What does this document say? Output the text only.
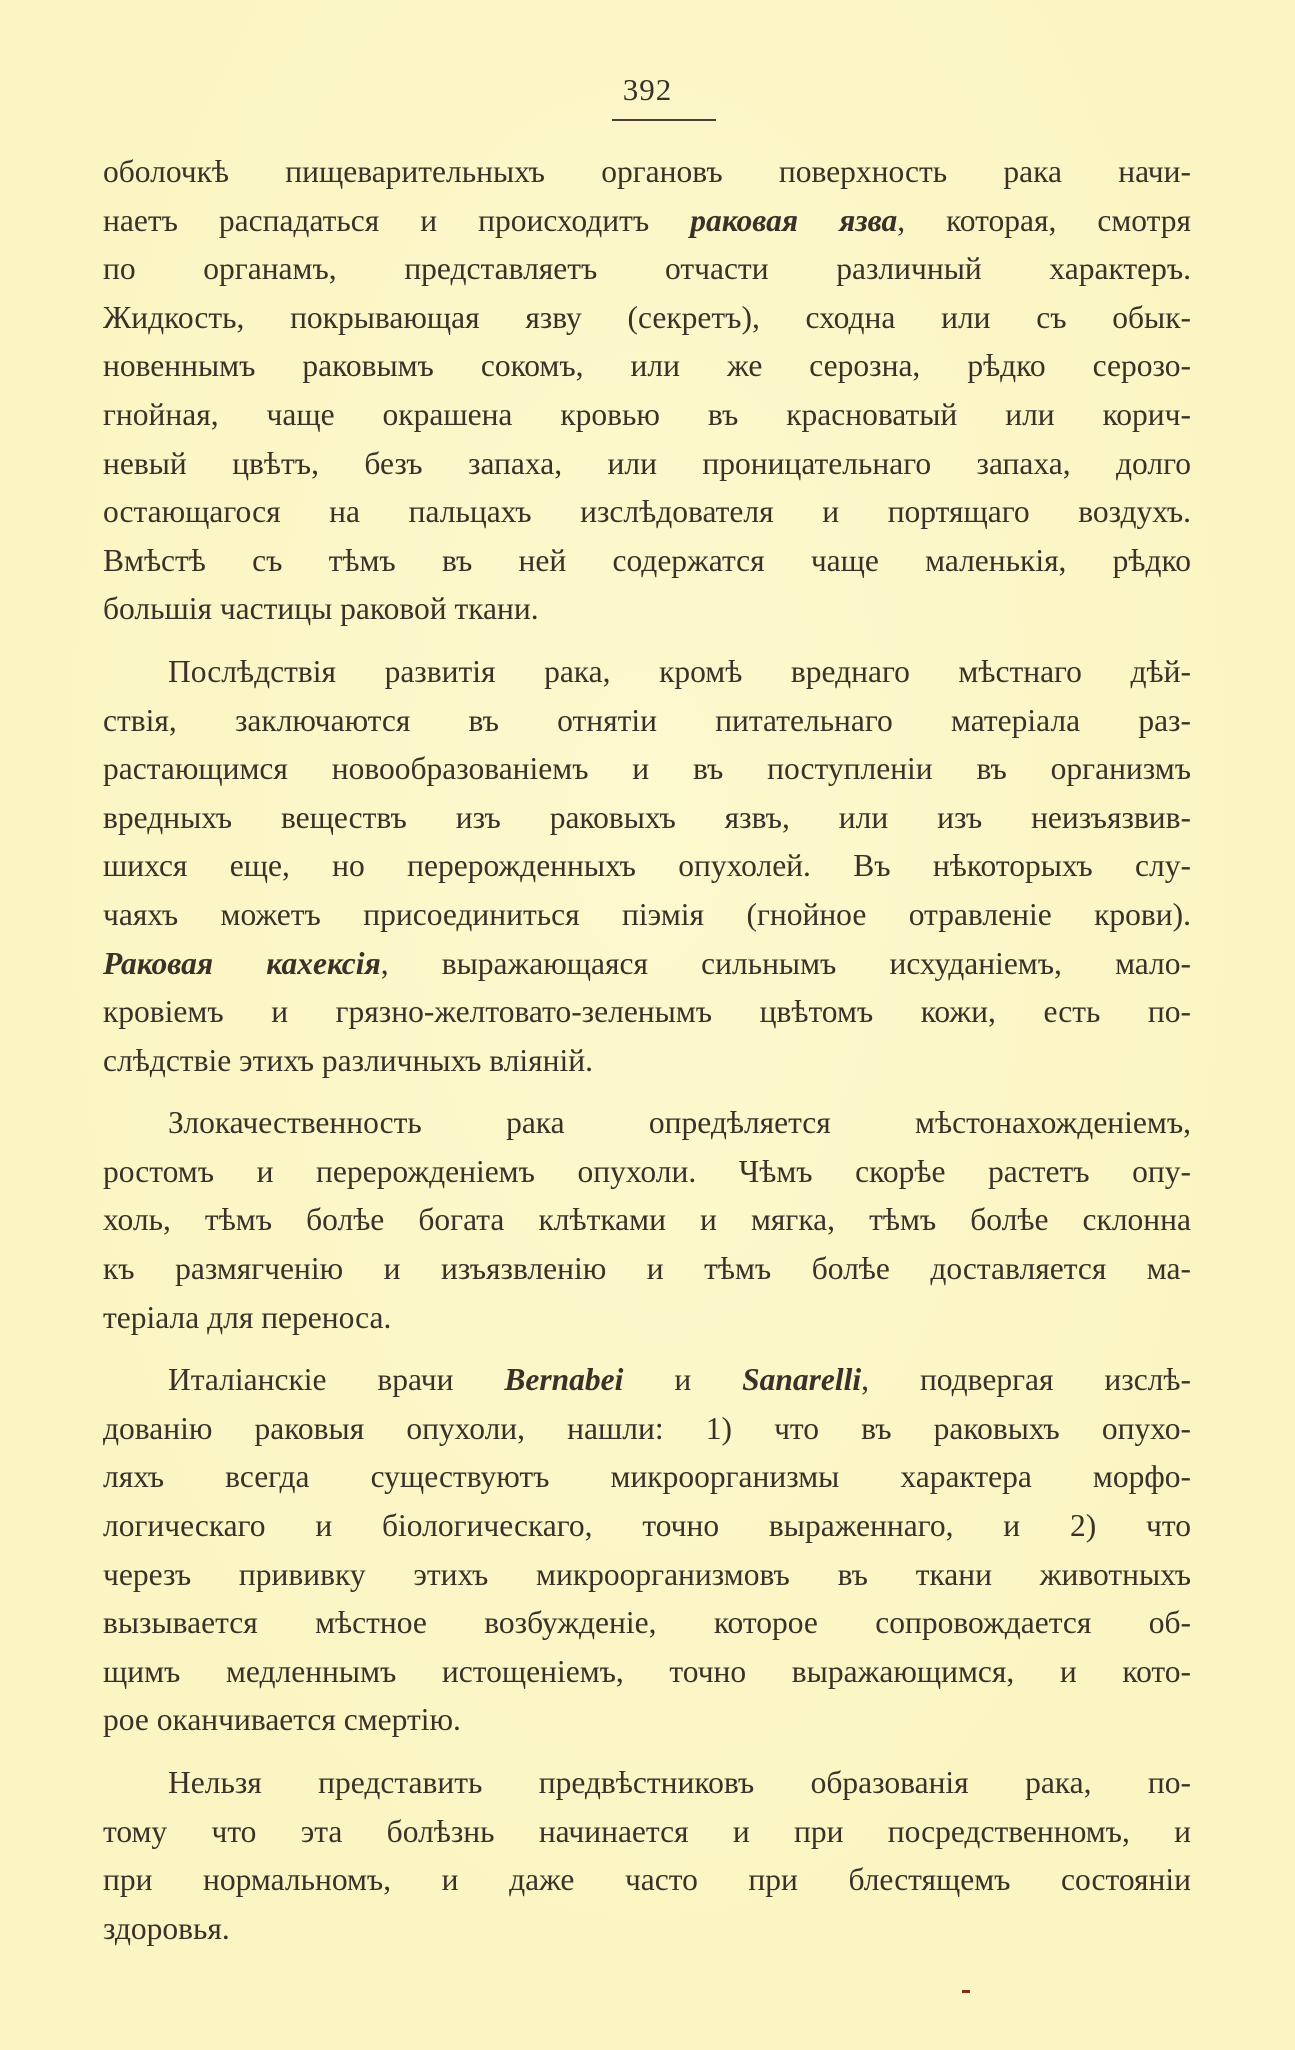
392
оболочкѣ пищеварительныхъ органовъ поверхность рака начи-
наетъ распадаться и происходитъ раковая язва, которая, смотря
по органамъ, представляетъ отчасти различный характеръ.
Жидкость, покрывающая язву (секретъ), сходна или съ обык-
новеннымъ раковымъ сокомъ, или же серозна, рѣдко серозо-
гнойная, чаще окрашена кровью въ красноватый или корич-
невый цвѣтъ, безъ запаха, или проницательнаго запаха, долго
остающагося на пальцахъ изслѣдователя и портящаго воздухъ.
Вмѣстѣ съ тѣмъ въ ней содержатся чаще маленькія, рѣдко
большія частицы раковой ткани.
Послѣдствія развитія рака, кромѣ вреднаго мѣстнаго дѣй-
ствія, заключаются въ отнятіи питательнаго матеріала раз-
растающимся новообразованіемъ и въ поступленіи въ организмъ
вредныхъ веществъ изъ раковыхъ язвъ, или изъ неизъязвив-
шихся еще, но перерожденныхъ опухолей. Въ нѣкоторыхъ слу-
чаяхъ можетъ присоединиться піэмія (гнойное отравленіе крови).
Раковая кахексія, выражающаяся сильнымъ исхуданіемъ, мало-
кровіемъ и грязно-желтовато-зеленымъ цвѣтомъ кожи, есть по-
слѣдствіе этихъ различныхъ вліяній.
Злокачественность рака опредѣляется мѣстонахожденіемъ,
ростомъ и перерожденіемъ опухоли. Чѣмъ скорѣе растетъ опу-
холь, тѣмъ болѣе богата клѣтками и мягка, тѣмъ болѣе склонна
къ размягченію и изъязвленію и тѣмъ болѣе доставляется ма-
теріала для переноса.
Италіанскіе врачи Bernabei и Sanarelli, подвергая изслѣ-
дованію раковыя опухоли, нашли: 1) что въ раковыхъ опухо-
ляхъ всегда существуютъ микроорганизмы характера морфо-
логическаго и біологическаго, точно выраженнаго, и 2) что
черезъ прививку этихъ микроорганизмовъ въ ткани животныхъ
вызывается мѣстное возбужденіе, которое сопровождается об-
щимъ медленнымъ истощеніемъ, точно выражающимся, и кото-
рое оканчивается смертію.
Нельзя представить предвѣстниковъ образованія рака, по-
тому что эта болѣзнь начинается и при посредственномъ, и
при нормальномъ, и даже часто при блестящемъ состояніи
здоровья.
